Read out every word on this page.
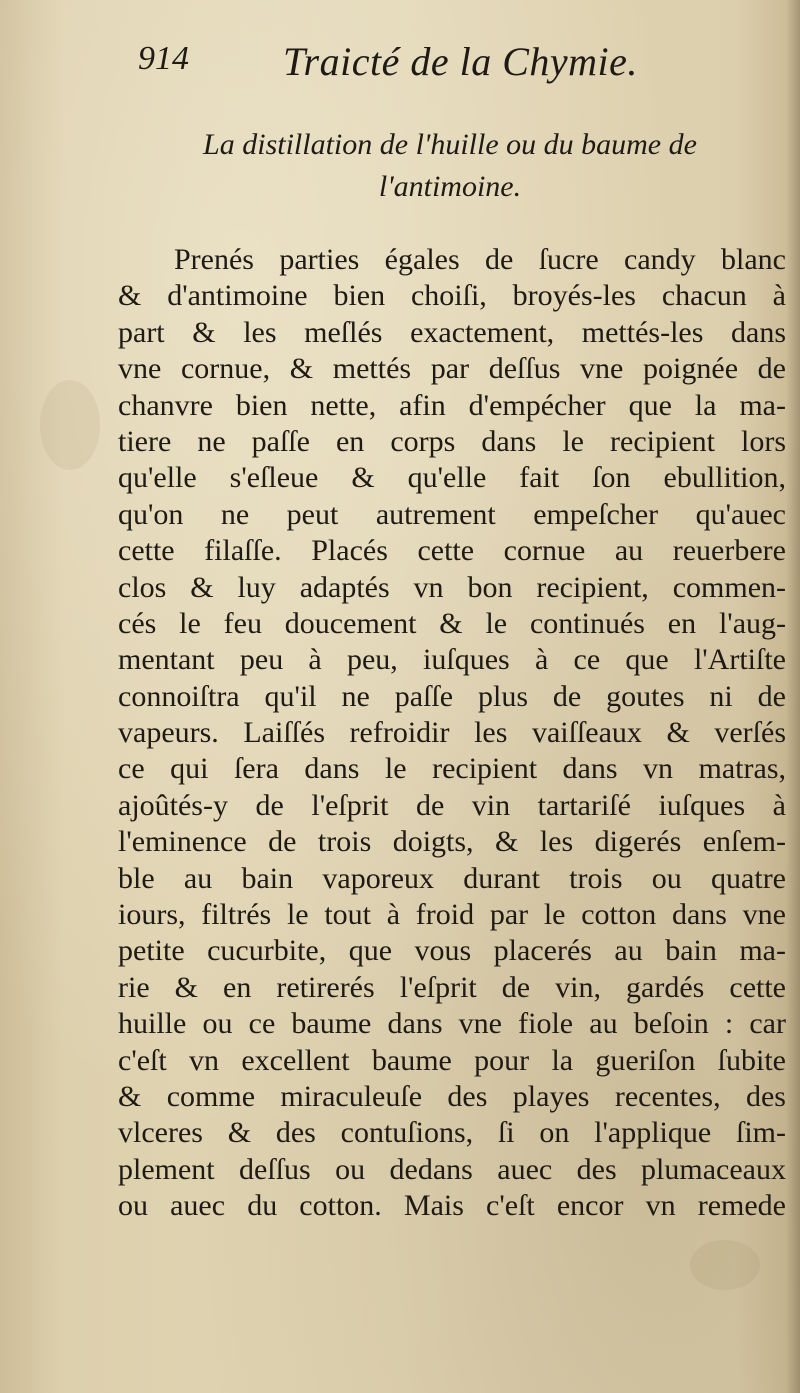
914 Traicté de la Chymie.
La distillation de l'huille ou du baume de
l'antimoine.
Prenés parties égales de ſucre candy blanc
& d'antimoine bien choiſi, broyés-les chacun à
part & les meſlés exactement, mettés-les dans
vne cornue, & mettés par deſſus vne poignée de
chanvre bien nette, afin d'empécher que la ma-
tiere ne paſſe en corps dans le recipient lors
qu'elle s'eſleue & qu'elle fait ſon ebullition,
qu'on ne peut autrement empeſcher qu'auec
cette filaſſe. Placés cette cornue au reuerbere
clos & luy adaptés vn bon recipient, commen-
cés le feu doucement & le continués en l'aug-
mentant peu à peu, iuſques à ce que l'Artiſte
connoiſtra qu'il ne paſſe plus de goutes ni de
vapeurs. Laiſſés refroidir les vaiſſeaux & verſés
ce qui ſera dans le recipient dans vn matras,
ajoûtés-y de l'eſprit de vin tartariſé iuſques à
l'eminence de trois doigts, & les digerés enſem-
ble au bain vaporeux durant trois ou quatre
iours, filtrés le tout à froid par le cotton dans vne
petite cucurbite, que vous placerés au bain ma-
rie & en retirerés l'eſprit de vin, gardés cette
huille ou ce baume dans vne fiole au beſoin : car
c'eſt vn excellent baume pour la gueriſon ſubite
& comme miraculeuſe des playes recentes, des
vlceres & des contuſions, ſi on l'applique ſim-
plement deſſus ou dedans auec des plumaceaux
ou auec du cotton. Mais c'eſt encor vn remede
